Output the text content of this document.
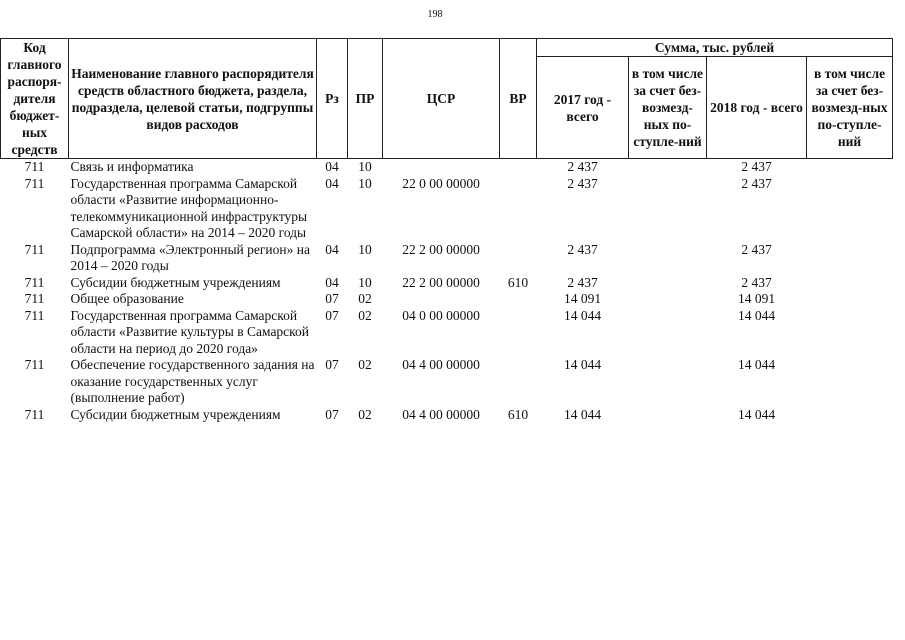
198
Код главного распоря-дителя бюджет-ных средств	Наименование главного распорядителя средств областного бюджета, раздела, подраздела, целевой статьи, подгруппы видов расходов	Рз	ПР	ЦСР	ВР	Сумма, тыс. рублей			
						2017 год - всего	в том числе за счет без-возмезд-ных по-ступле-ний	2018 год - всего	в том числе за счет без-возмезд-ных по-ступле-ний
711	Связь и информатика	04	10			2 437		2 437	
711	Государственная программа Самарской области «Развитие информационно-телекоммуникационной инфраструктуры Самарской области» на 2014 – 2020 годы	04	10	22 0 00 00000		2 437		2 437	
711	Подпрограмма «Электронный регион» на 2014 – 2020 годы	04	10	22 2 00 00000		2 437		2 437	
711	Субсидии бюджетным учреждениям	04	10	22 2 00 00000	610	2 437		2 437	
711	Общее образование	07	02			14 091		14 091	
711	Государственная программа Самарской области «Развитие культуры в Самарской области на период до 2020 года»	07	02	04 0 00 00000		14 044		14 044	
711	Обеспечение государственного задания на оказание государственных услуг (выполнение работ)	07	02	04 4 00 00000		14 044		14 044	
711	Субсидии бюджетным учреждениям	07	02	04 4 00 00000	610	14 044		14 044	
